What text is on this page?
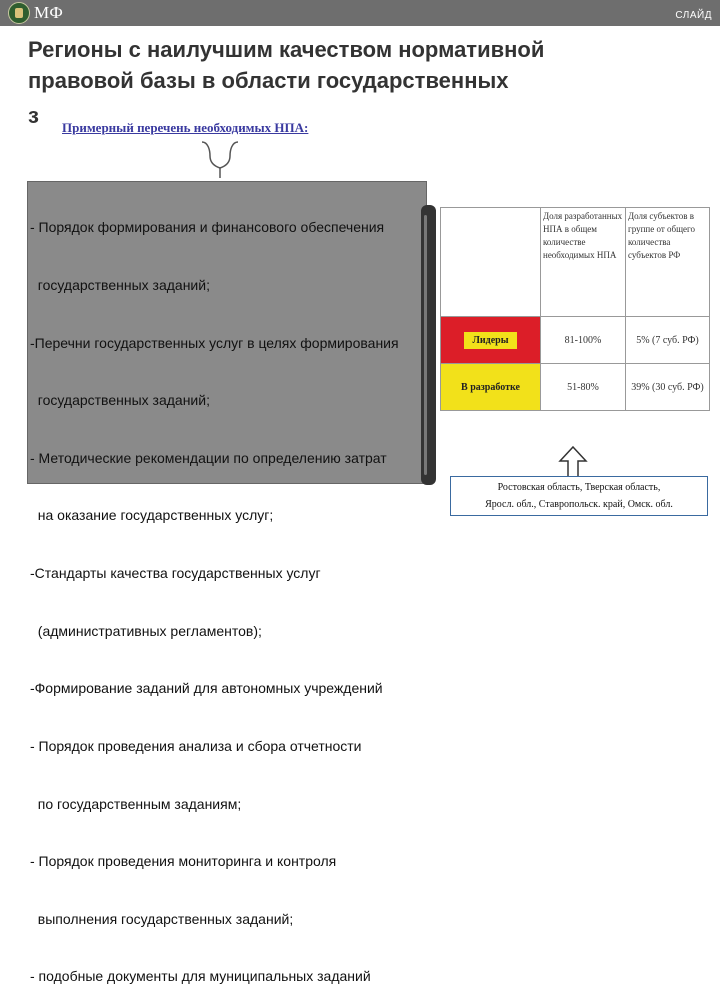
МФ	СЛАЙД
Регионы с наилучшим качеством нормативной
правовой базы в области государственных
з Примерный перечень необходимых НПА:
	Доля разработанных НПА в общем количестве необходимых НПА	Доля субъектов в группе от общего количества субъектов РФ
Лидеры	81-100%	5% (7 суб. РФ)
В разработке	51-80%	39% (30 суб. РФ)

- Порядок формирования и финансового обеспечения

государственных заданий;

-Перечни государственных услуг в целях формирования

государственных заданий;

- Методические рекомендации по определению затрат

на оказание государственных услуг;

-Стандарты качества государственных услуг

(административных регламентов);

-Формирование заданий для автономных учреждений

- Порядок проведения анализа и сбора отчетности

по государственным заданиям;

- Порядок проведения мониторинга и контроля

выполнения государственных заданий;

- подобные документы для муниципальных заданий

Ростовская область, Тверская область,
Яросл. обл., Ставропольск. край, Омск. обл.
